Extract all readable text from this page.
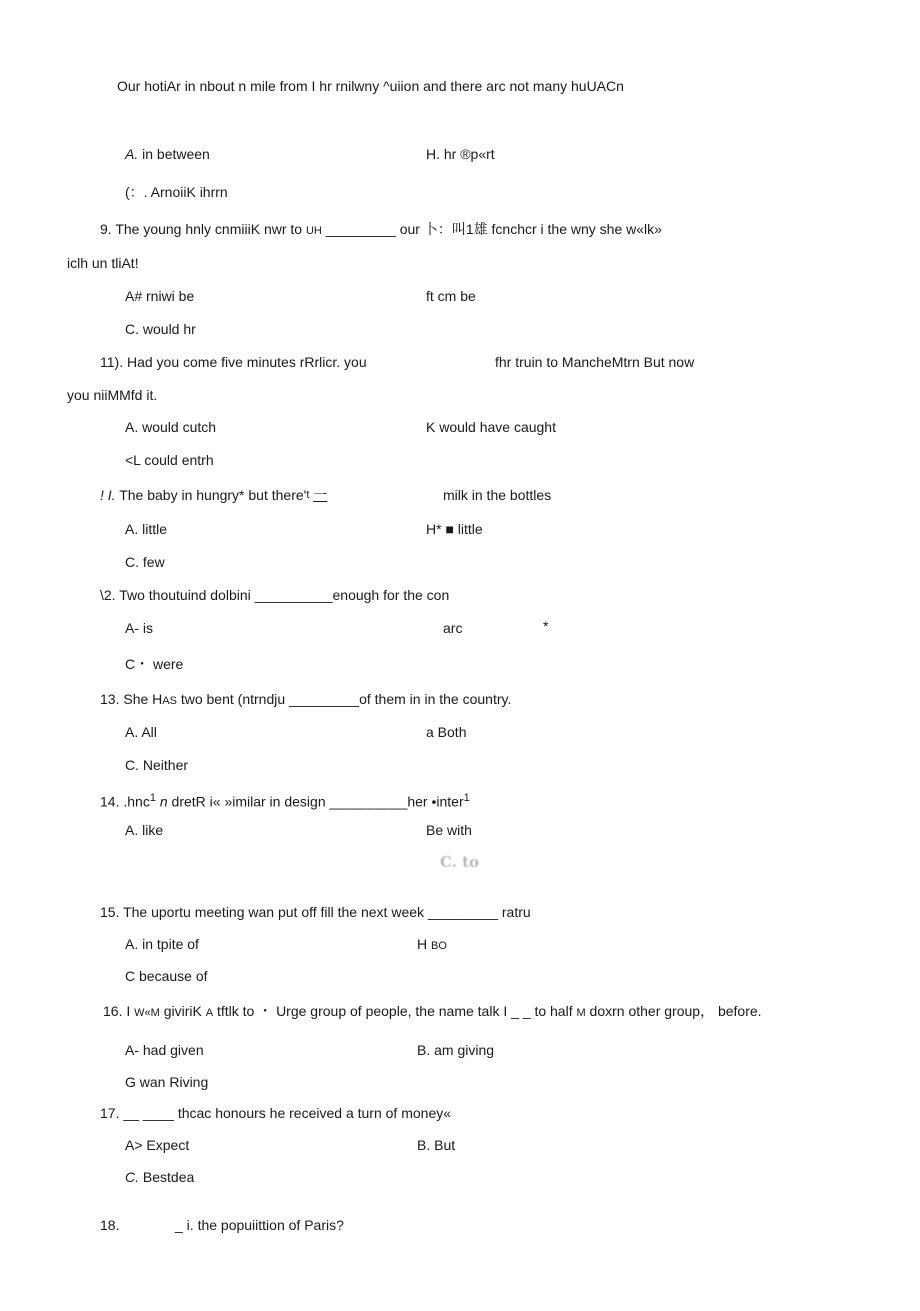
Our hotiAr in nbout n mile from I hr rnilwny ^uiion and there arc not many huUACn
A. in between	H. hr ®p«rt
(：. ArnoiiK ihrrn
9. The young hnly cnmiiiK nwr to UH _________ our 卜：叫1雄 fcnchcr i the wny she w«lk»
iclh un tliAt!
A# rniwi be	ft cm be
C. would hr
11). Had you come five minutes rRrlicr. you	fhr truin to MancheMtrn But now
you niiMMfd it.
A. would cutch	K would have caught
<L could entrh
! I. The baby in hungry* but there't 一	milk in the bottles
A. little	H* ■ little
C. few
\2. Two thoutuind dolbini __________enough for the con
A- is	arc	*
C・ were
13. She HAS two bent (ntrndju _________of them in in the country.
A. All	a Both
C. Neither
14. .hnc$^1$ n dretR i« »imilar in design __________her •inter$^1$
A. like	Be with
C. to
15. The uportu meeting wan put off fill the next week _________ ratru
A. in tpite of	H BO
C because of
16. I W«M giviriK A tftlk to ・ Urge group of people, the name talk I _ _ to half M doxrn other group， before.
A- had given	B. am giving
G wan Riving
17. __ ____ thcac honours he received a turn of money«
A> Expect	B. But
C. Bestdea
18.	_ i. the popuiittion of Paris?
